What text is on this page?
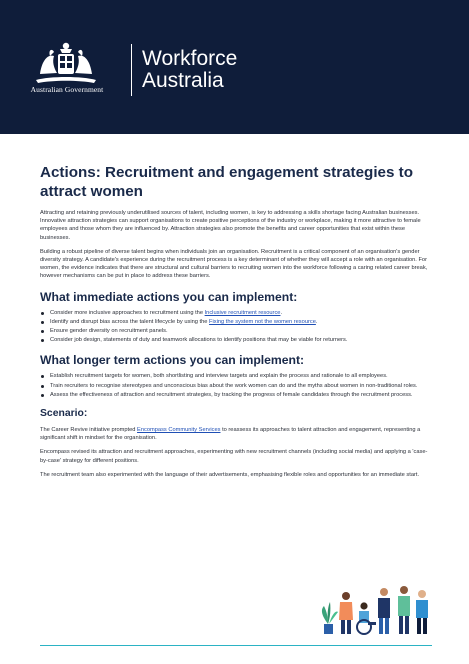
Australian Government
Workforce
Australia
Actions: Recruitment and engagement strategies to attract women

Attracting and retaining previously underutilised sources of talent, including women, is key to addressing a skills shortage facing Australian businesses. Innovative attraction strategies can support organisations to create positive perceptions of the industry or workplace, making it more attractive to female employees and those whom they are influenced by. Attraction strategies also promote the benefits and career opportunities that exist within these businesses.

Building a robust pipeline of diverse talent begins when individuals join an organisation. Recruitment is a critical component of an organisation's gender diversity strategy. A candidate's experience during the recruitment process is a key determinant of whether they will accept a role with an organisation. For women, the evidence indicates that there are structural and cultural barriers to recruiting women into the workforce following a caring related career break, however mechanisms can be put in place to address these barriers.

What immediate actions you can implement:
Consider more inclusive approaches to recruitment using the Inclusive recruitment resource.
Identify and disrupt bias across the talent lifecycle by using the Fixing the system not the women resource.
Ensure gender diversity on recruitment panels.
Consider job design, statements of duty and teamwork allocations to identify positions that may be viable for returners.
What longer term actions you can implement:
Establish recruitment targets for women, both shortlisting and interview targets and explain the process and rationale to all employees.
Train recruiters to recognise stereotypes and unconscious bias about the work women can do and the myths about women in non-traditional roles.
Assess the effectiveness of attraction and recruitment strategies, by tracking the progress of female candidates through the recruitment process.
Scenario:

The Career Revive initiative prompted Encompass Community Services to reassess its approaches to talent attraction and engagement, representing a significant shift in mindset for the organisation.

Encompass revised its attraction and recruitment approaches, experimenting with new recruitment channels (including social media) and applying a 'case-by-case' strategy for different positions.

The recruitment team also experimented with the language of their advertisements, emphasising flexible roles and opportunities for an immediate start.
